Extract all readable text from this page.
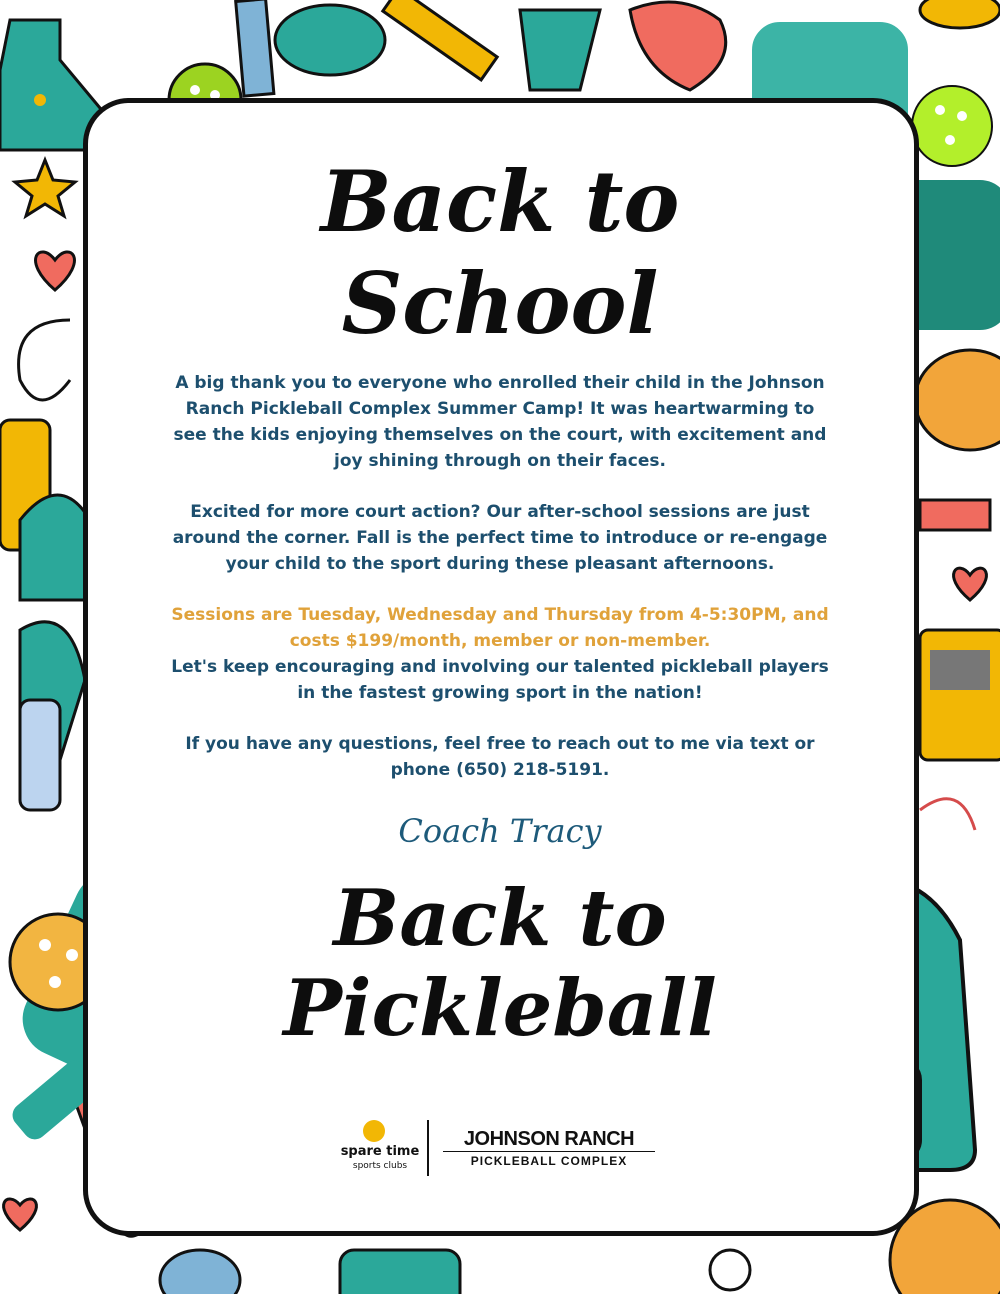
Back to
School

A big thank you to everyone who enrolled their child in the Johnson Ranch Pickleball Complex Summer Camp! It was heartwarming to see the kids enjoying themselves on the court, with excitement and joy shining through on their faces.

Excited for more court action? Our after-school sessions are just around the corner. Fall is the perfect time to introduce or re-engage your child to the sport during these pleasant afternoons.

Sessions are Tuesday, Wednesday and Thursday from 4-5:30PM, and costs $199/month, member or non-member.
Let's keep encouraging and involving our talented pickleball players in the fastest growing sport in the nation!

If you have any questions, feel free to reach out to me via text or phone (650) 218-5191.

Coach Tracy
Back to
Pickleball
spare time
sports clubs
JOHNSON RANCH
PICKLEBALL COMPLEX
